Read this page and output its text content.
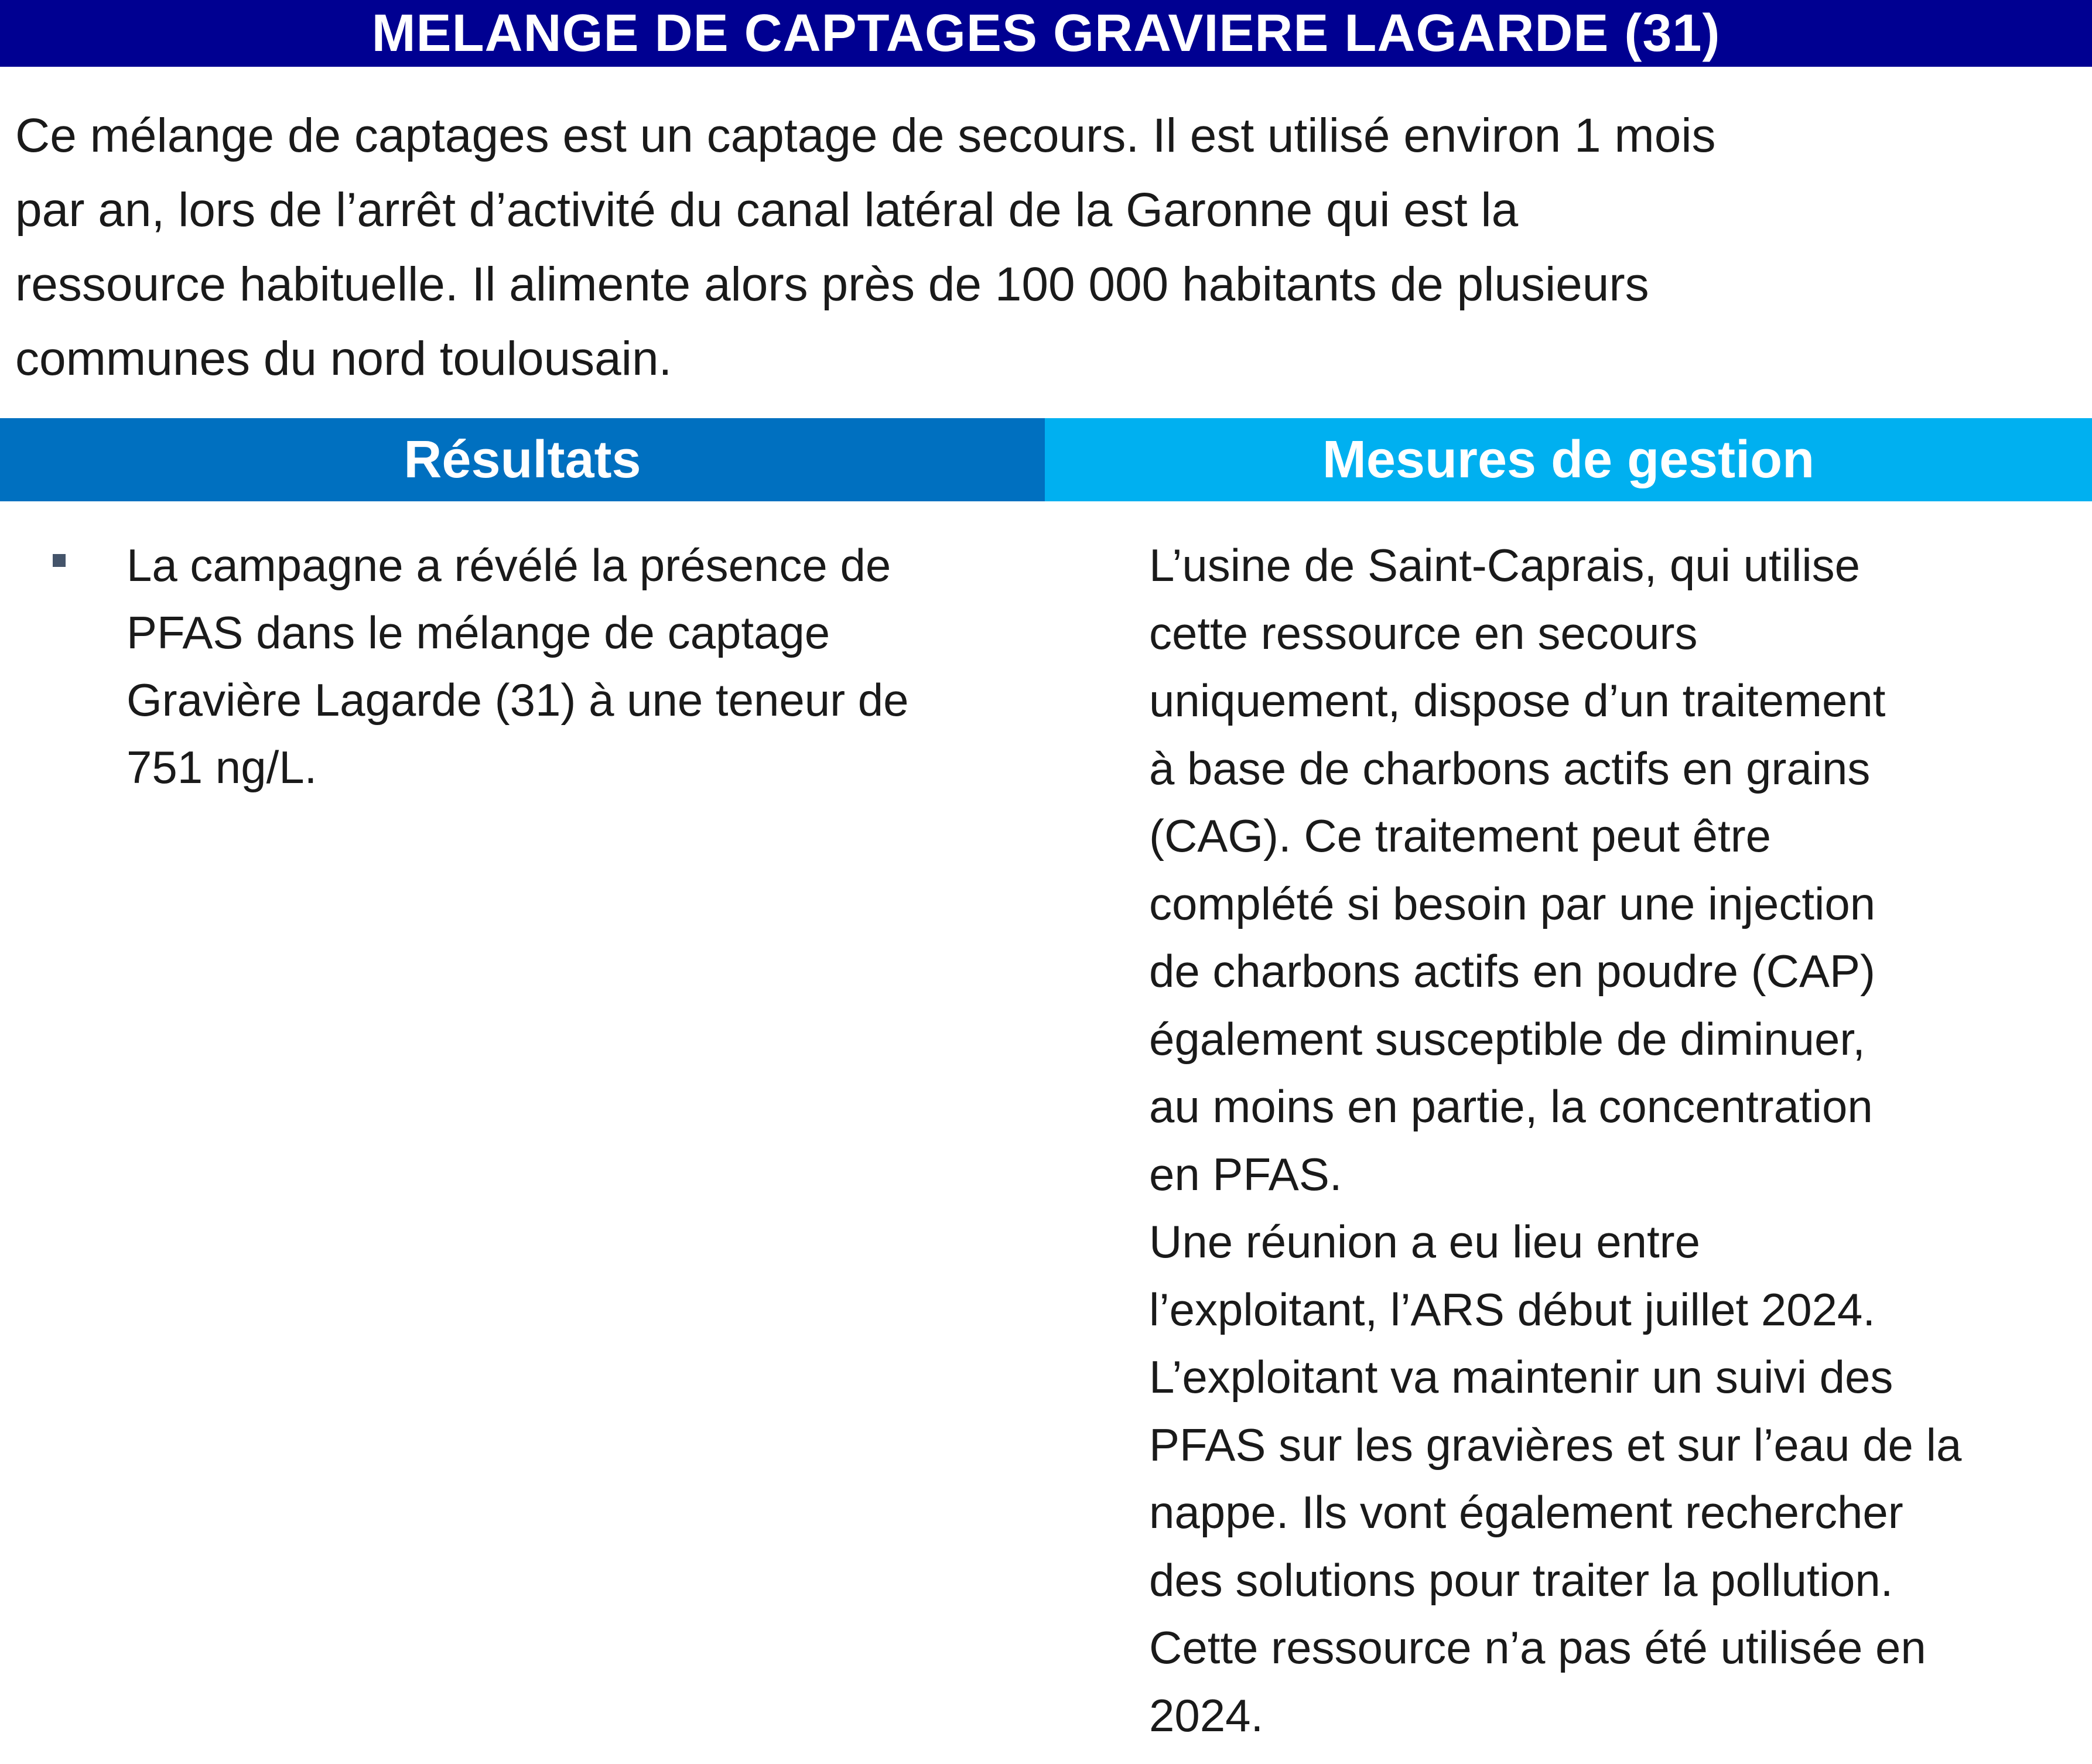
MELANGE DE CAPTAGES GRAVIERE LAGARDE (31)
Ce mélange de captages est un captage de secours. Il est utilisé environ 1 mois
par an, lors de l’arrêt d’activité du canal latéral de la Garonne qui est la
ressource habituelle. Il alimente alors près de 100 000 habitants de plusieurs
communes du nord toulousain.
Résultats	Mesures de gestion
La campagne a révélé la présence de
PFAS dans le mélange de captage
Gravière Lagarde (31) à une teneur de
751 ng/L.
L’usine de Saint-Caprais, qui utilise
cette ressource en secours
uniquement, dispose d’un traitement
à base de charbons actifs en grains
(CAG). Ce traitement peut être
complété si besoin par une injection
de charbons actifs en poudre (CAP)
également susceptible de diminuer,
au moins en partie, la concentration
en PFAS.
Une réunion a eu lieu entre
l’exploitant, l’ARS début juillet 2024.
L’exploitant va maintenir un suivi des
PFAS sur les gravières et sur l’eau de la
nappe. Ils vont également rechercher
des solutions pour traiter la pollution.
Cette ressource n’a pas été utilisée en
2024.
